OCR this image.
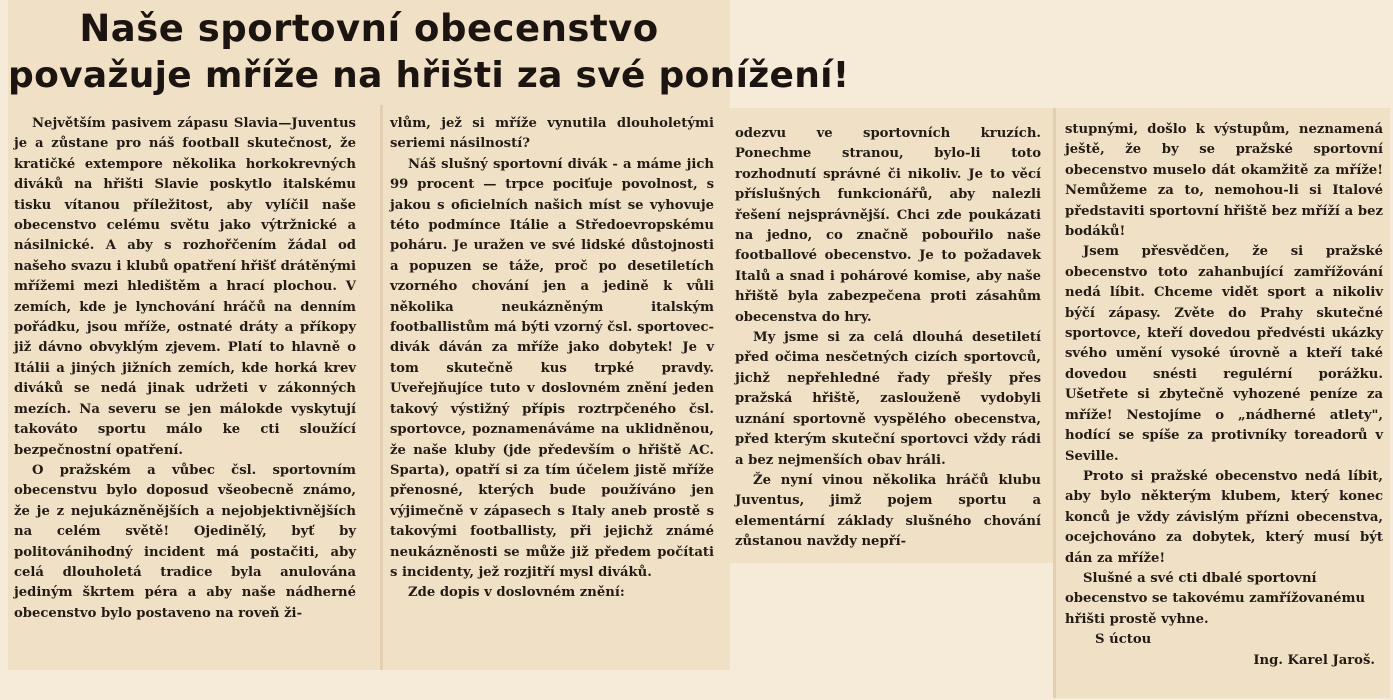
Naše sportovní obecenstvo
považuje mříže na hřišti za své ponížení!

Největším pasivem zápasu Slavia—Juventus je a zůstane pro náš football skutečnost, že kratičké extempore několika horkokrevných diváků na hřišti Slavie poskytlo italskému tisku vítanou příležitost, aby vylíčil naše obecenstvo celému světu jako výtržnické a násilnické. A aby s rozhořčením žádal od našeho svazu i klubů opatření hřišť drátěnými mřížemi mezi hledištěm a hrací plochou. V zemích, kde je lynchování hráčů na denním pořádku, jsou mříže, ostnaté dráty a příkopy již dávno obvyklým zjevem. Platí to hlavně o Itálii a jiných jižních zemích, kde horká krev diváků se nedá jinak udržeti v zákonných mezích. Na severu se jen málokde vyskytují takováto sportu málo ke cti sloužící bezpečnostní opatření.

O pražském a vůbec čsl. sportovním obecenstvu bylo doposud všeobecně známo, že je z nejukázněnějších a nejobjektivnějších na celém světě! Ojedinělý, byť by politovánihodný incident má postačiti, aby celá dlouholetá tradice byla anulována jediným škrtem péra a aby naše nádherné obecenstvo bylo postaveno na roveň ži-

vlům, jež si mříže vynutila dlouholetými seriemi násilností?

Náš slušný sportovní divák - a máme jich 99 procent — trpce pociťuje povolnost, s jakou s oficielních našich míst se vyhovuje této podmínce Itálie a Středoevropskému poháru. Je uražen ve své lidské důstojnosti a popuzen se táže, proč po desetiletích vzorného chování jen a jedině k vůli několika neukázněným italským footballistům má býti vzorný čsl. sportovec-divák dáván za mříže jako dobytek! Je v tom skutečně kus trpké pravdy. Uveřejňujíce tuto v doslovném znění jeden takový výstižný přípis roztrpčeného čsl. sportovce, poznamenáváme na uklidněnou, že naše kluby (jde především o hřiště AC. Sparta), opatří si za tím účelem jistě mříže přenosné, kterých bude používáno jen výjimečně v zápasech s Italy aneb prostě s takovými footballisty, při jejichž známé neukázněnosti se může již předem počítati s incidenty, jež rozjitří mysl diváků.

Zde dopis v doslovném znění:

odezvu ve sportovních kruzích. Ponechme stranou, bylo-li toto rozhodnutí správné či nikoliv. Je to věcí příslušných funkcionářů, aby nalezli řešení nejsprávnější. Chci zde poukázati na jedno, co značně pobouřilo naše footballové obecenstvo. Je to požadavek Italů a snad i pohárové komise, aby naše hřiště byla zabezpečena proti zásahům obecenstva do hry.

My jsme si za celá dlouhá desetiletí před očima nesčetných cizích sportovců, jichž nepřehledné řady přešly přes pražská hřiště, zaslouženě vydobyli uznání sportovně vyspělého obecenstva, před kterým skuteční sportovci vždy rádi a bez nejmenších obav hráli.

Že nyní vinou několika hráčů klubu Juventus, jimž pojem sportu a elementární základy slušného chování zůstanou navždy nepří-

stupnými, došlo k výstupům, neznamená ještě, že by se pražské sportovní obecenstvo muselo dát okamžitě za mříže! Nemůžeme za to, nemohou-li si Italové představiti sportovní hřiště bez mříží a bez bodáků!

Jsem přesvědčen, že si pražské obecenstvo toto zahanbující zamřížování nedá líbit. Chceme vidět sport a nikoliv býčí zápasy. Zvěte do Prahy skutečné sportovce, kteří dovedou předvésti ukázky svého umění vysoké úrovně a kteří také dovedou snésti regulérní porážku. Ušetřete si zbytečně vyhozené peníze za mříže! Nestojíme o „nádherné atlety", hodící se spíše za protivníky toreadorů v Seville.

Proto si pražské obecenstvo nedá líbit, aby bylo některým klubem, který konec konců je vždy závislým přízni obecenstva, ocejchováno za dobytek, který musí být dán za mříže!

Slušné a své cti dbalé sportovní obecenstvo se takovému zamřížovanému hřišti prostě vyhne.

S úctou

Ing. Karel Jaroš.
